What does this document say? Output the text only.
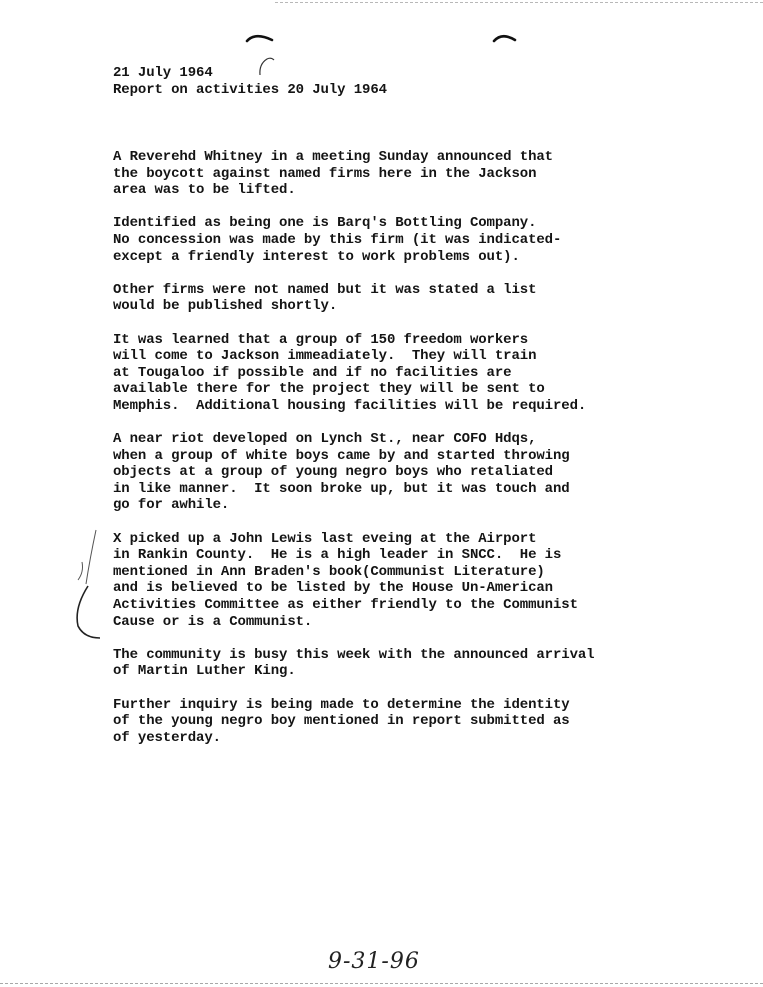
21 July 1964
Report on activities 20 July 1964
A Reverehd Whitney in a meeting Sunday announced that
the boycott against named firms here in the Jackson
area was to be lifted.
Identified as being one is Barq's Bottling Company.
No concession was made by this firm (it was indicated-
except a friendly interest to work problems out).
Other firms were not named but it was stated a list
would be published shortly.
It was learned that a group of 150 freedom workers
will come to Jackson immeadiately.  They will train
at Tougaloo if possible and if no facilities are
available there for the project they will be sent to
Memphis.  Additional housing facilities will be required.
A near riot developed on Lynch St., near COFO Hdqs,
when a group of white boys came by and started throwing
objects at a group of young negro boys who retaliated
in like manner.  It soon broke up, but it was touch and
go for awhile.
X picked up a John Lewis last eveing at the Airport
in Rankin County.  He is a high leader in SNCC.  He is
mentioned in Ann Braden's book(Communist Literature)
and is believed to be listed by the House Un-American
Activities Committee as either friendly to the Communist
Cause or is a Communist.
The community is busy this week with the announced arrival
of Martin Luther King.
Further inquiry is being made to determine the identity
of the young negro boy mentioned in report submitted as
of yesterday.
9-31-96
